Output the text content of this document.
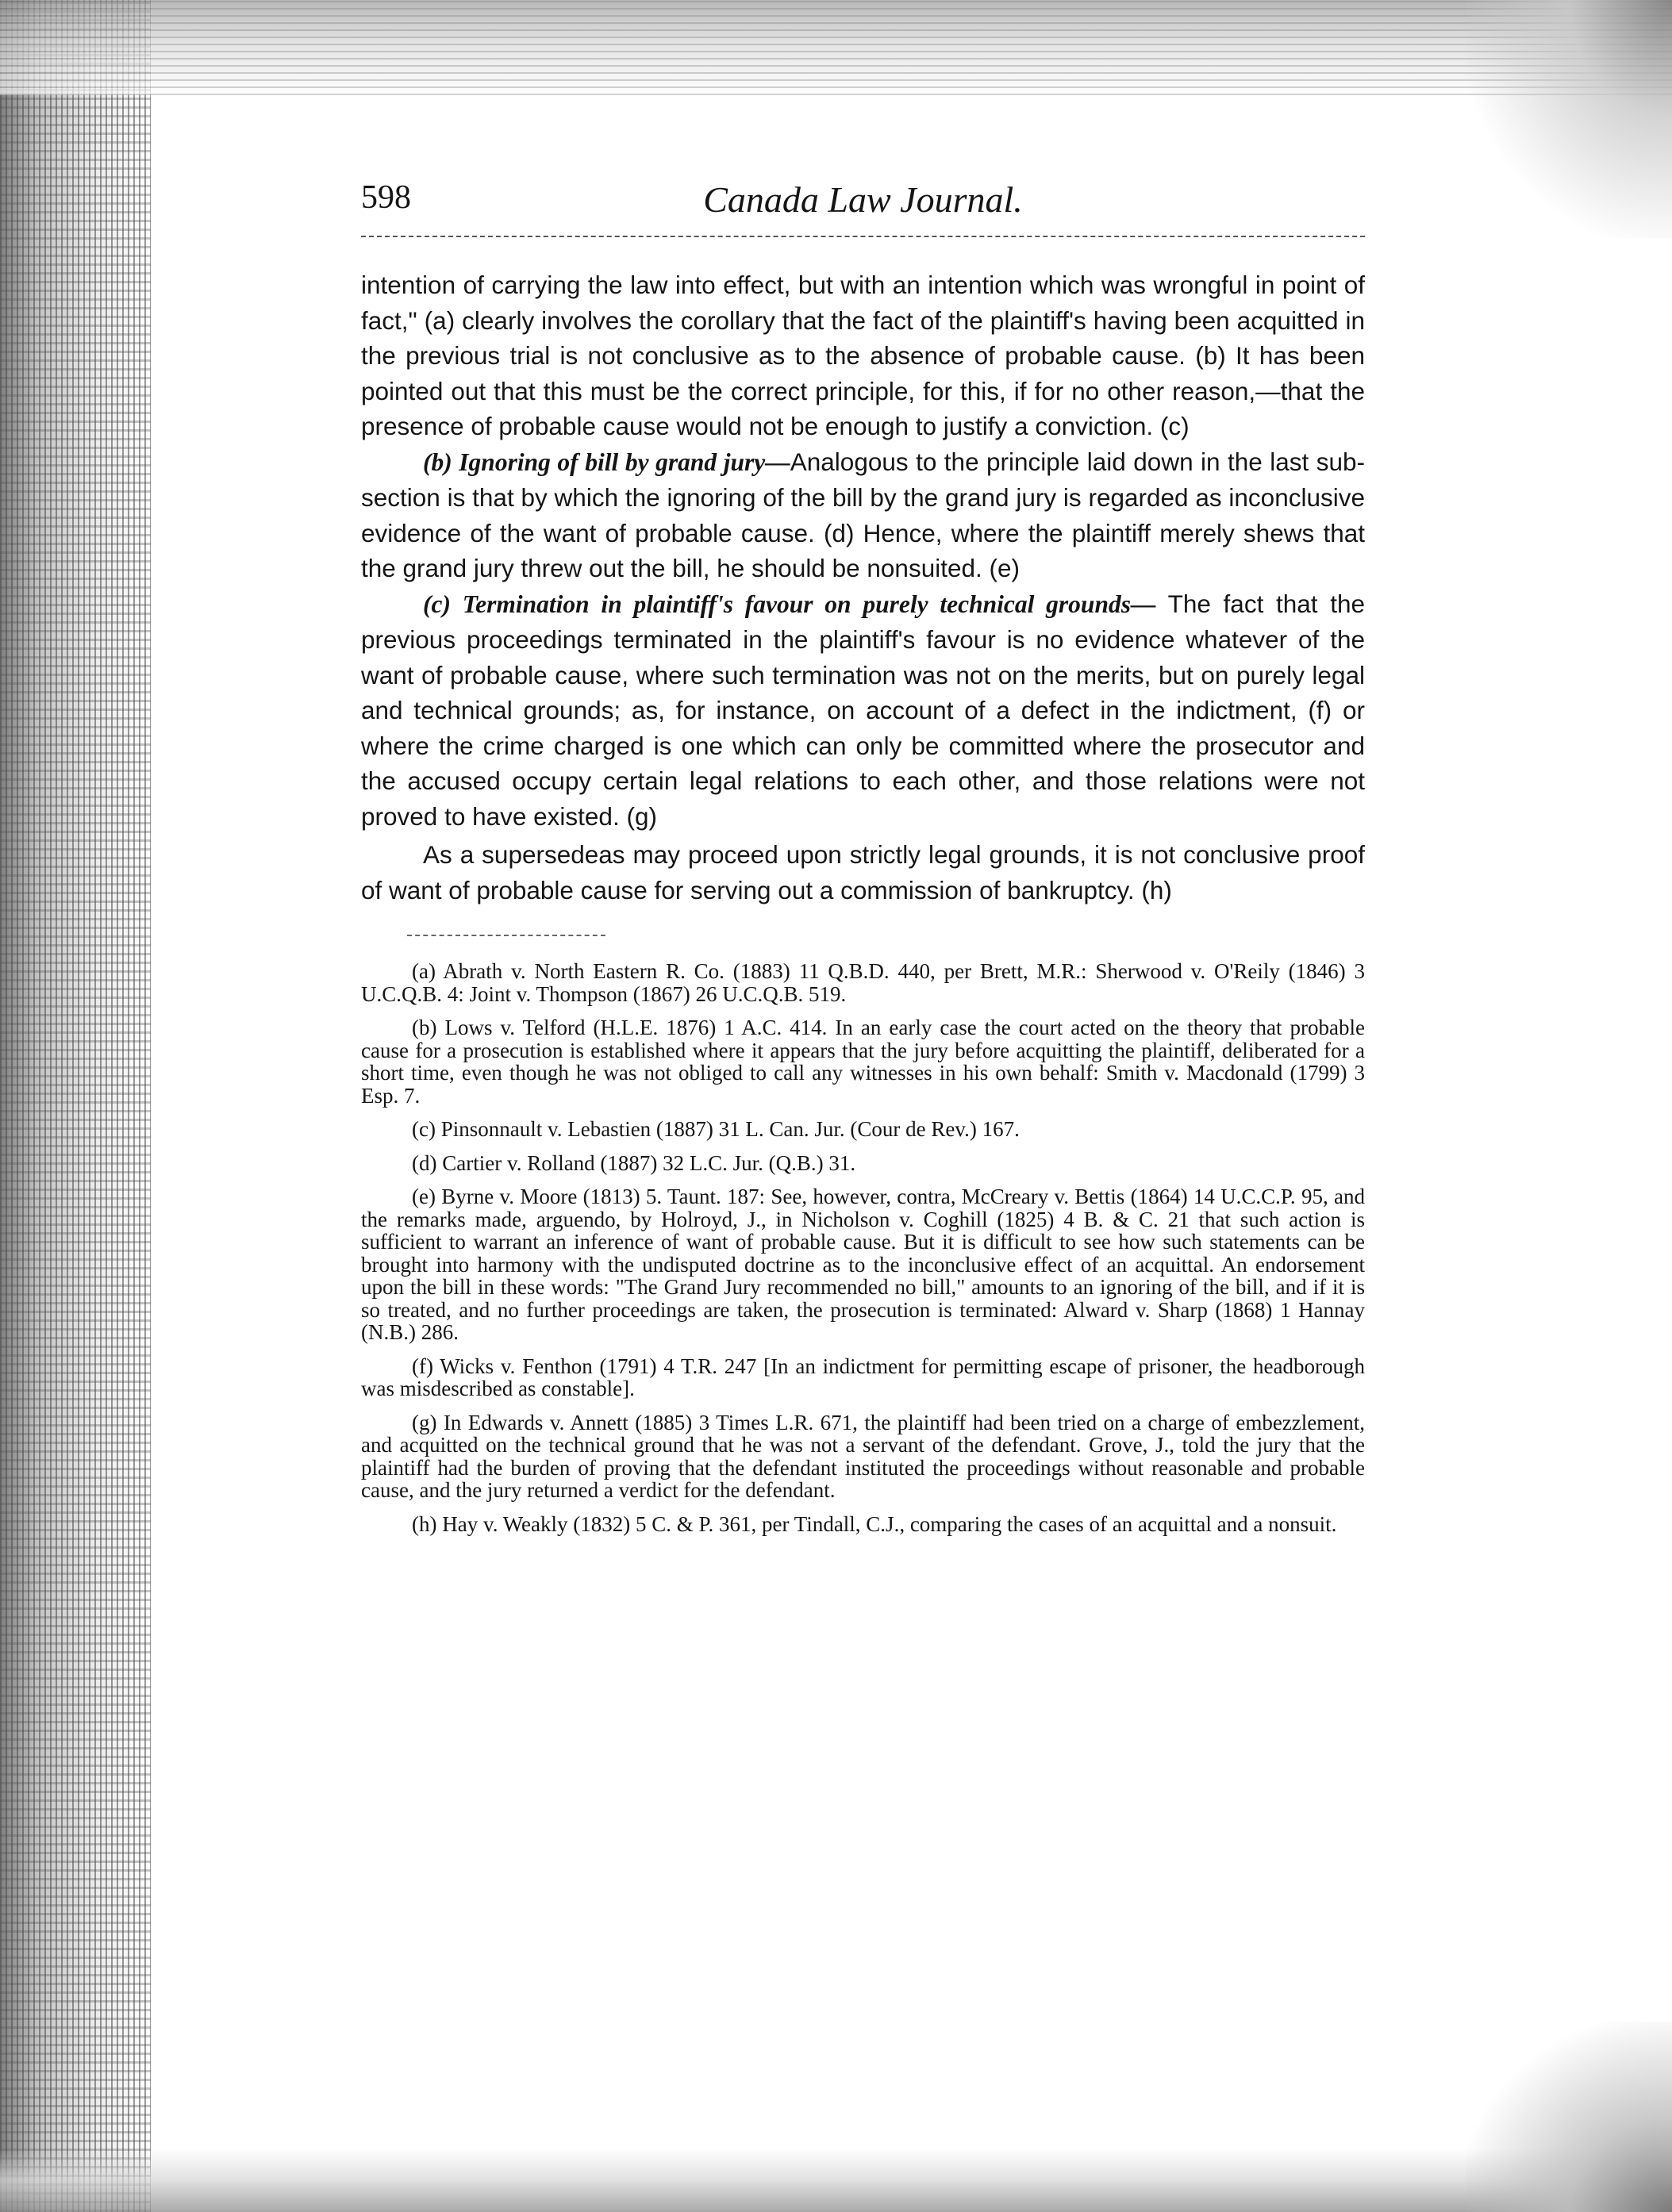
598	Canada Law Journal.

intention of carrying the law into effect, but with an intention which was wrongful in point of fact," (a) clearly involves the corollary that the fact of the plaintiff's having been acquitted in the previous trial is not conclusive as to the absence of probable cause. (b) It has been pointed out that this must be the correct principle, for this, if for no other reason,—that the presence of probable cause would not be enough to justify a conviction. (c)

(b) Ignoring of bill by grand jury—Analogous to the principle laid down in the last sub-section is that by which the ignoring of the bill by the grand jury is regarded as inconclusive evidence of the want of probable cause. (d) Hence, where the plaintiff merely shews that the grand jury threw out the bill, he should be nonsuited. (e)

(c) Termination in plaintiff's favour on purely technical grounds— The fact that the previous proceedings terminated in the plaintiff's favour is no evidence whatever of the want of probable cause, where such termination was not on the merits, but on purely legal and technical grounds; as, for instance, on account of a defect in the indictment, (f) or where the crime charged is one which can only be committed where the prosecutor and the accused occupy certain legal relations to each other, and those relations were not proved to have existed. (g)

As a supersedeas may proceed upon strictly legal grounds, it is not conclusive proof of want of probable cause for serving out a commission of bankruptcy. (h)

(a) Abrath v. North Eastern R. Co. (1883) 11 Q.B.D. 440, per Brett, M.R.: Sherwood v. O'Reily (1846) 3 U.C.Q.B. 4: Joint v. Thompson (1867) 26 U.C.Q.B. 519.

(b) Lows v. Telford (H.L.E. 1876) 1 A.C. 414. In an early case the court acted on the theory that probable cause for a prosecution is established where it appears that the jury before acquitting the plaintiff, deliberated for a short time, even though he was not obliged to call any witnesses in his own behalf: Smith v. Macdonald (1799) 3 Esp. 7.

(c) Pinsonnault v. Lebastien (1887) 31 L. Can. Jur. (Cour de Rev.) 167.

(d) Cartier v. Rolland (1887) 32 L.C. Jur. (Q.B.) 31.

(e) Byrne v. Moore (1813) 5. Taunt. 187: See, however, contra, McCreary v. Bettis (1864) 14 U.C.C.P. 95, and the remarks made, arguendo, by Holroyd, J., in Nicholson v. Coghill (1825) 4 B. & C. 21 that such action is sufficient to warrant an inference of want of probable cause. But it is difficult to see how such statements can be brought into harmony with the undisputed doctrine as to the inconclusive effect of an acquittal. An endorsement upon the bill in these words: "The Grand Jury recommended no bill," amounts to an ignoring of the bill, and if it is so treated, and no further proceedings are taken, the prosecution is terminated: Alward v. Sharp (1868) 1 Hannay (N.B.) 286.

(f) Wicks v. Fenthon (1791) 4 T.R. 247 [In an indictment for permitting escape of prisoner, the headborough was misdescribed as constable].

(g) In Edwards v. Annett (1885) 3 Times L.R. 671, the plaintiff had been tried on a charge of embezzlement, and acquitted on the technical ground that he was not a servant of the defendant. Grove, J., told the jury that the plaintiff had the burden of proving that the defendant instituted the proceedings without reasonable and probable cause, and the jury returned a verdict for the defendant.

(h) Hay v. Weakly (1832) 5 C. & P. 361, per Tindall, C.J., comparing the cases of an acquittal and a nonsuit.
